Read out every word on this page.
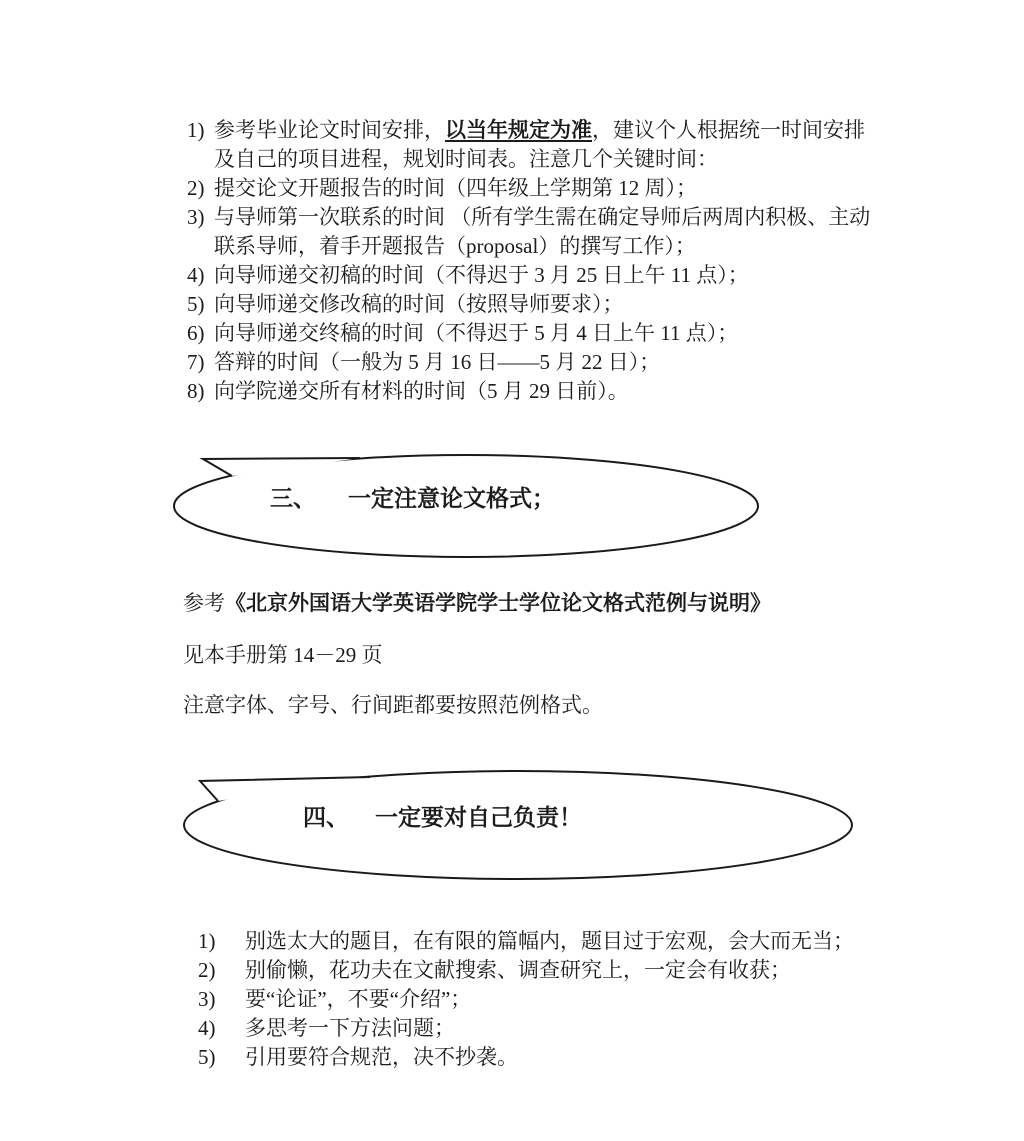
1) 参考毕业论文时间安排，以当年规定为准，建议个人根据统一时间安排
及自己的项目进程，规划时间表。注意几个关键时间：
2) 提交论文开题报告的时间（四年级上学期第 12 周）；
3) 与导师第一次联系的时间 （所有学生需在确定导师后两周内积极、主动
联系导师，着手开题报告（proposal）的撰写工作）；
4) 向导师递交初稿的时间（不得迟于 3 月 25 日上午 11 点）；
5) 向导师递交修改稿的时间（按照导师要求）；
6) 向导师递交终稿的时间（不得迟于 5 月 4 日上午 11 点）；
7) 答辩的时间（一般为 5 月 16 日——5 月 22 日）；
8) 向学院递交所有材料的时间（5 月 29 日前）。
三、 一定注意论文格式；
参考《北京外国语大学英语学院学士学位论文格式范例与说明》
见本手册第 14－29 页
注意字体、字号、行间距都要按照范例格式。
四、 一定要对自己负责！
1)	别选太大的题目，在有限的篇幅内，题目过于宏观，会大而无当；
2)	别偷懒，花功夫在文献搜索、调查研究上，一定会有收获；
3)	要“论证”，不要“介绍”；
4)	多思考一下方法问题；
5)	引用要符合规范，决不抄袭。
